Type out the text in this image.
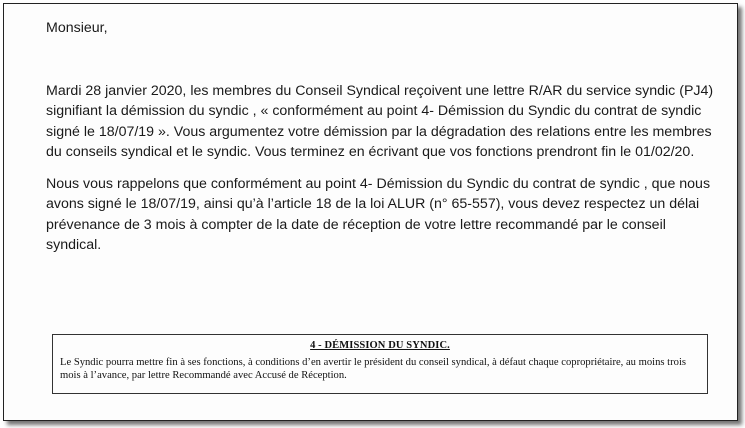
Monsieur,

Mardi 28 janvier 2020, les membres du Conseil Syndical reçoivent une lettre R/AR du service syndic (PJ4) signifiant la démission du syndic , « conformément au point 4- Démission du Syndic du contrat de syndic signé le 18/07/19 ». Vous argumentez votre démission par la dégradation des relations entre les membres du conseils syndical et le syndic. Vous terminez en écrivant que vos fonctions prendront fin le 01/02/20.

Nous vous rappelons que conformément au point 4- Démission du Syndic du contrat de syndic , que nous avons signé le 18/07/19, ainsi qu’à l’article 18 de la loi ALUR (n° 65-557), vous devez respectez un délai prévenance de 3 mois à compter de la date de réception de votre lettre recommandé par le conseil syndical.

4 - DÉMISSION DU SYNDIC.
Le Syndic pourra mettre fin à ses fonctions, à conditions d’en avertir le président du conseil syndical, à défaut chaque copropriétaire, au moins trois mois à l’avance, par lettre Recommandé avec Accusé de Réception.
